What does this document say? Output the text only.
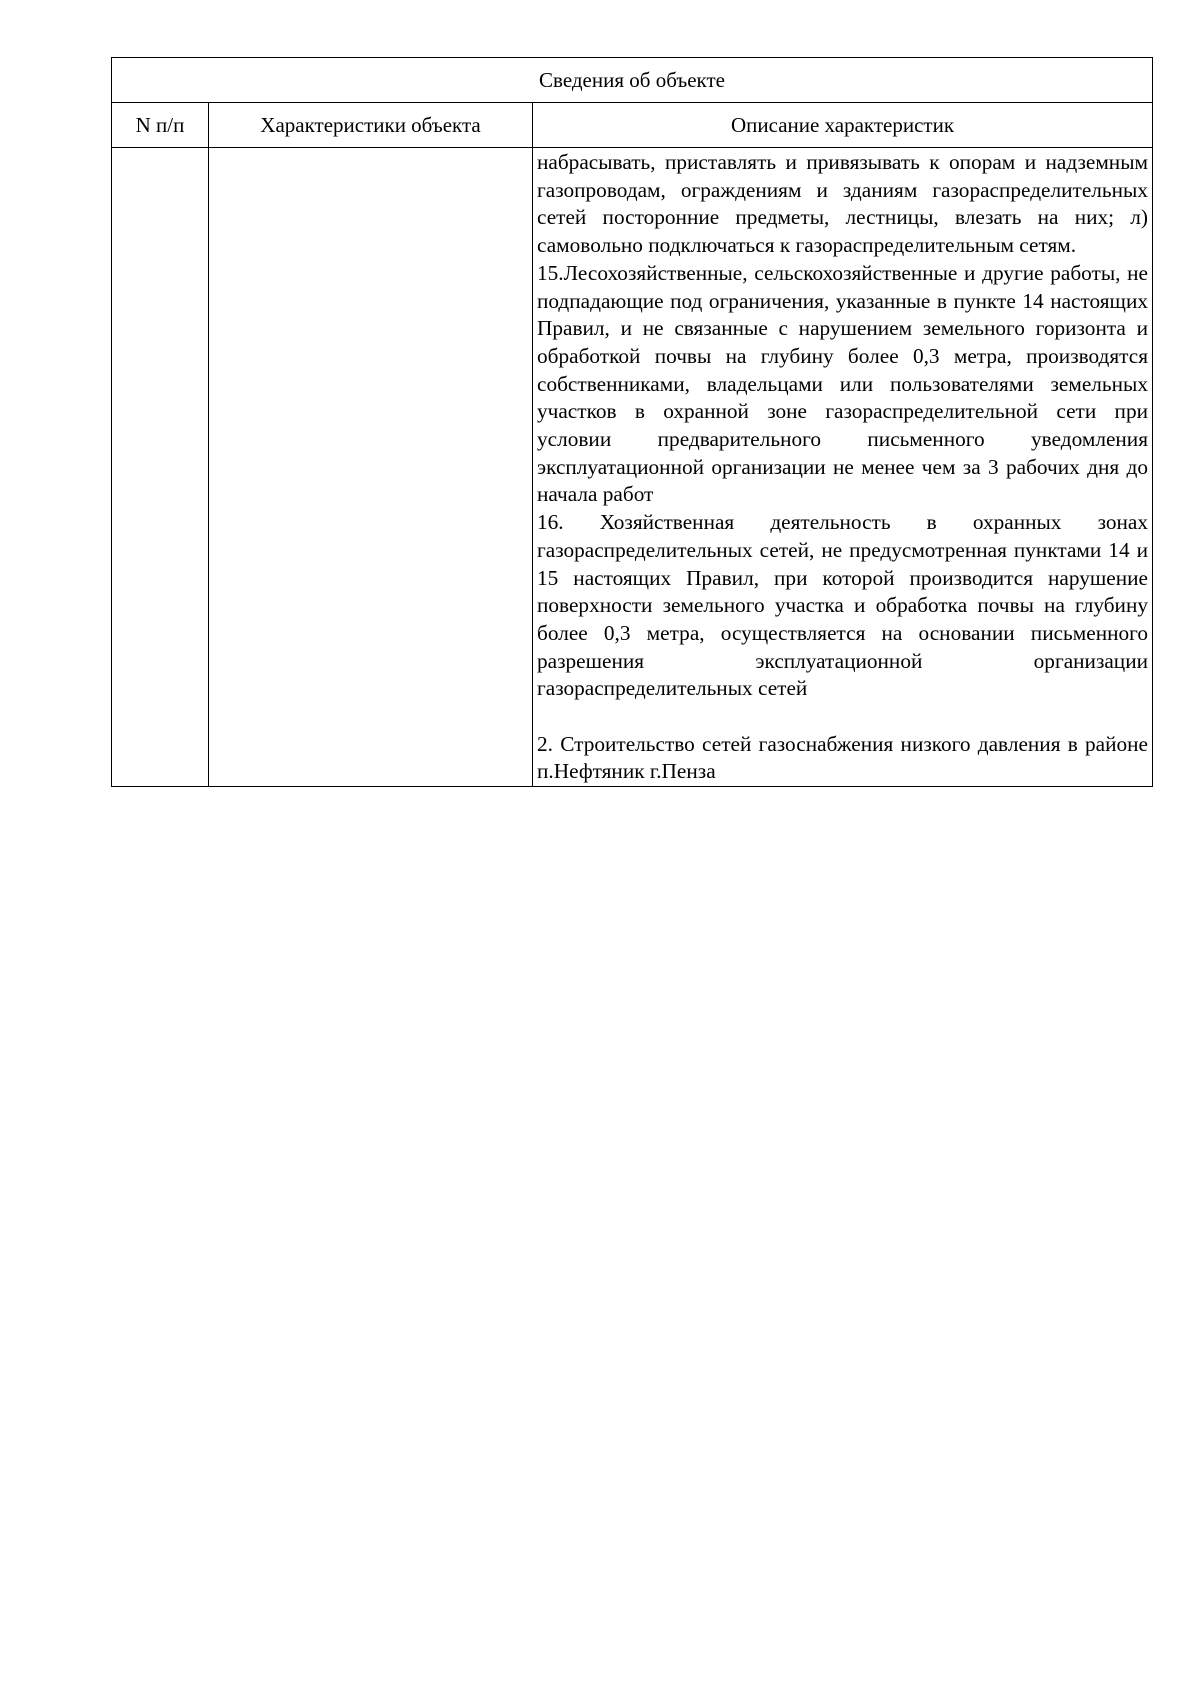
Сведения об объекте		
N п/п	Характеристики объекта	Описание характеристик

		набрасывать, приставлять и привязывать к опорам и надземным газопроводам, ограждениям и зданиям газораспределительных сетей посторонние предметы, лестницы, влезать на них; л) самовольно подключаться к газораспределительным сетям.

15.Лесохозяйственные, сельскохозяйственные и другие работы, не подпадающие под ограничения, указанные в пункте 14 настоящих Правил, и не связанные с нарушением земельного горизонта и обработкой почвы на глубину более 0,3 метра, производятся собственниками, владельцами или пользователями земельных участков в охранной зоне газораспределительной сети при условии предварительного письменного уведомления эксплуатационной организации не менее чем за 3 рабочих дня до начала работ

16. Хозяйственная деятельность в охранных зонах газораспределительных сетей, не предусмотренная пунктами 14 и 15 настоящих Правил, при которой производится нарушение поверхности земельного участка и обработка почвы на глубину более 0,3 метра, осуществляется на основании письменного разрешения эксплуатационной организации газораспределительных сетей

2. Строительство сетей газоснабжения низкого давления в районе п.Нефтяник г.Пенза
